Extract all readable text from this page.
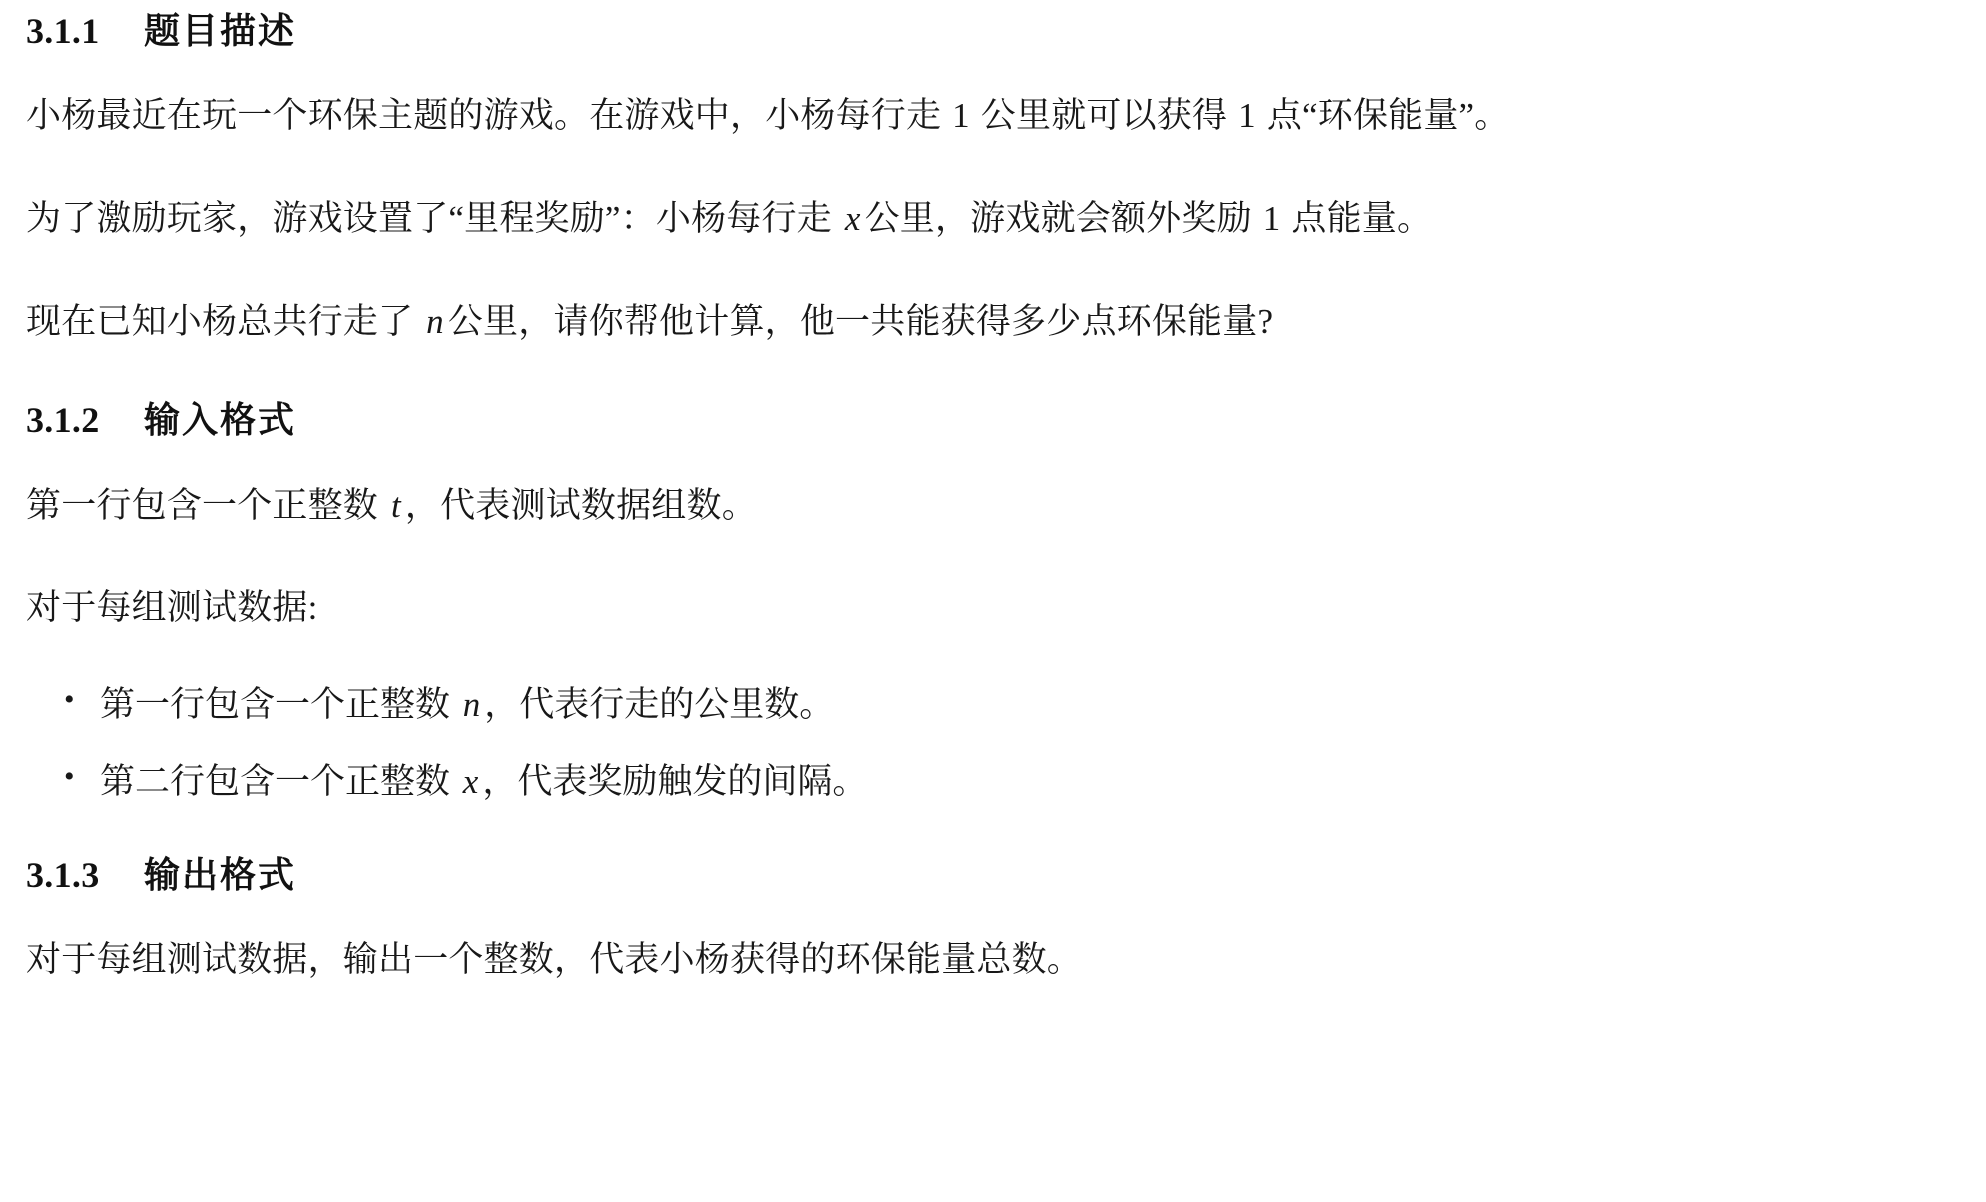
3.1.1 题目描述

小杨最近在玩一个环保主题的游戏。在游戏中，小杨每行走 1 公里就可以获得 1 点“环保能量”。

为了激励玩家，游戏设置了“里程奖励”：小杨每行走 x 公里，游戏就会额外奖励 1 点能量。

现在已知小杨总共行走了 n 公里，请你帮他计算，他一共能获得多少点环保能量?

3.1.2 输入格式

第一行包含一个正整数 t ，代表测试数据组数。

对于每组测试数据:

• 第一行包含一个正整数 n ，代表行走的公里数。
• 第二行包含一个正整数 x ，代表奖励触发的间隔。
3.1.3 输出格式

对于每组测试数据，输出一个整数，代表小杨获得的环保能量总数。
